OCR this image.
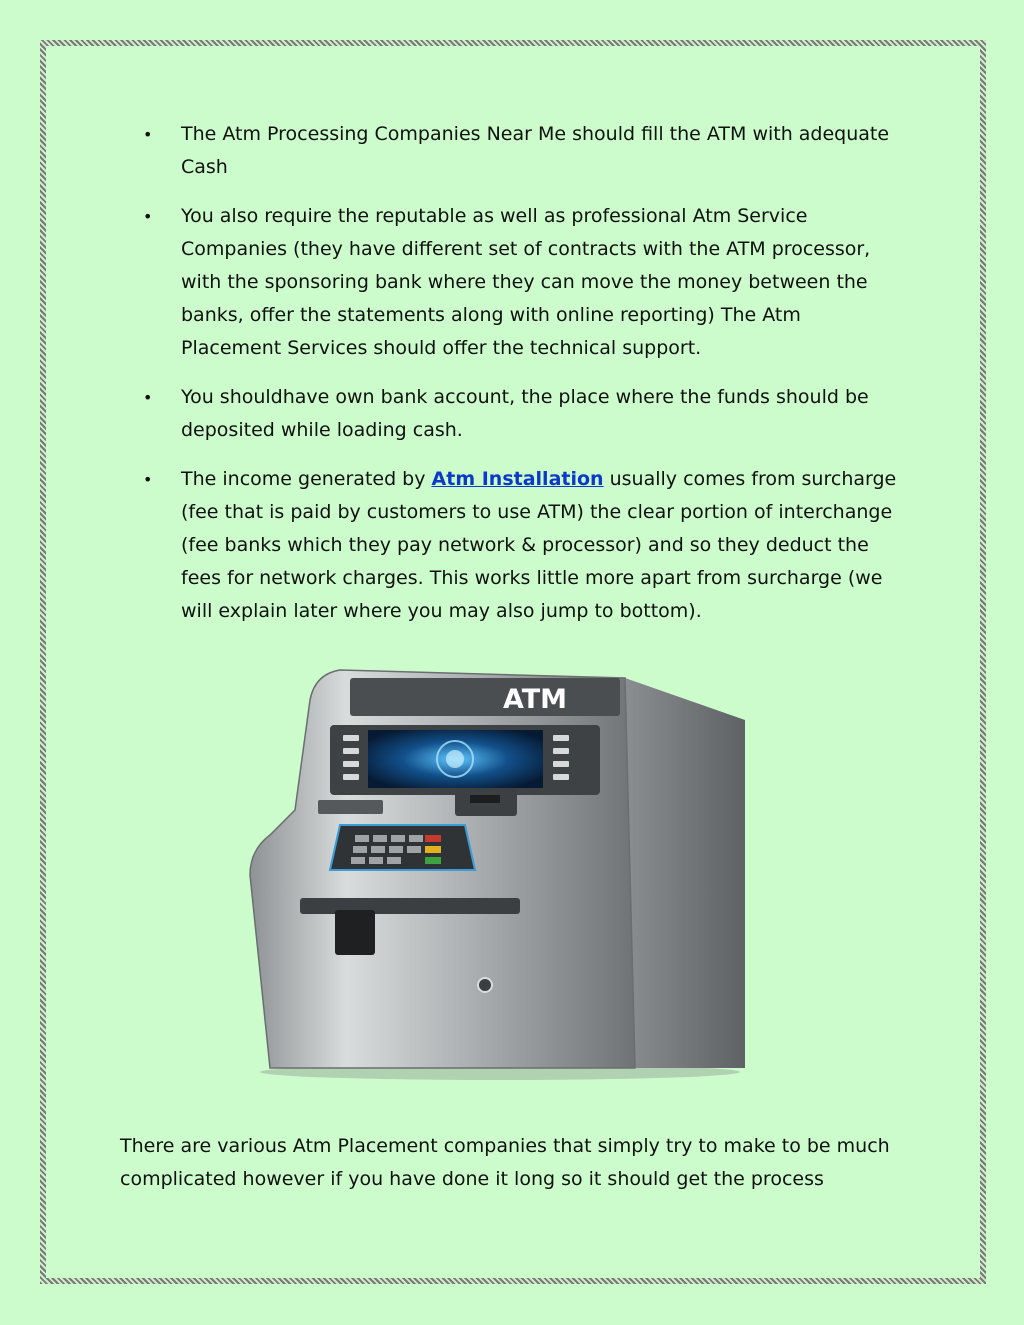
• The Atm Processing Companies Near Me should fill the ATM with adequate Cash
• You also require the reputable as well as professional Atm Service Companies (they have different set of contracts with the ATM processor, with the sponsoring bank where they can move the money between the banks, offer the statements along with online reporting) The Atm Placement Services should offer the technical support.
• You shouldhave own bank account, the place where the funds should be deposited while loading cash.
• The income generated by Atm Installation usually comes from surcharge (fee that is paid by customers to use ATM) the clear portion of interchange (fee banks which they pay network & processor) and so they deduct the fees for network charges. This works little more apart from surcharge (we will explain later where you may also jump to bottom).
ATM

There are various Atm Placement companies that simply try to make to be much complicated however if you have done it long so it should get the process
